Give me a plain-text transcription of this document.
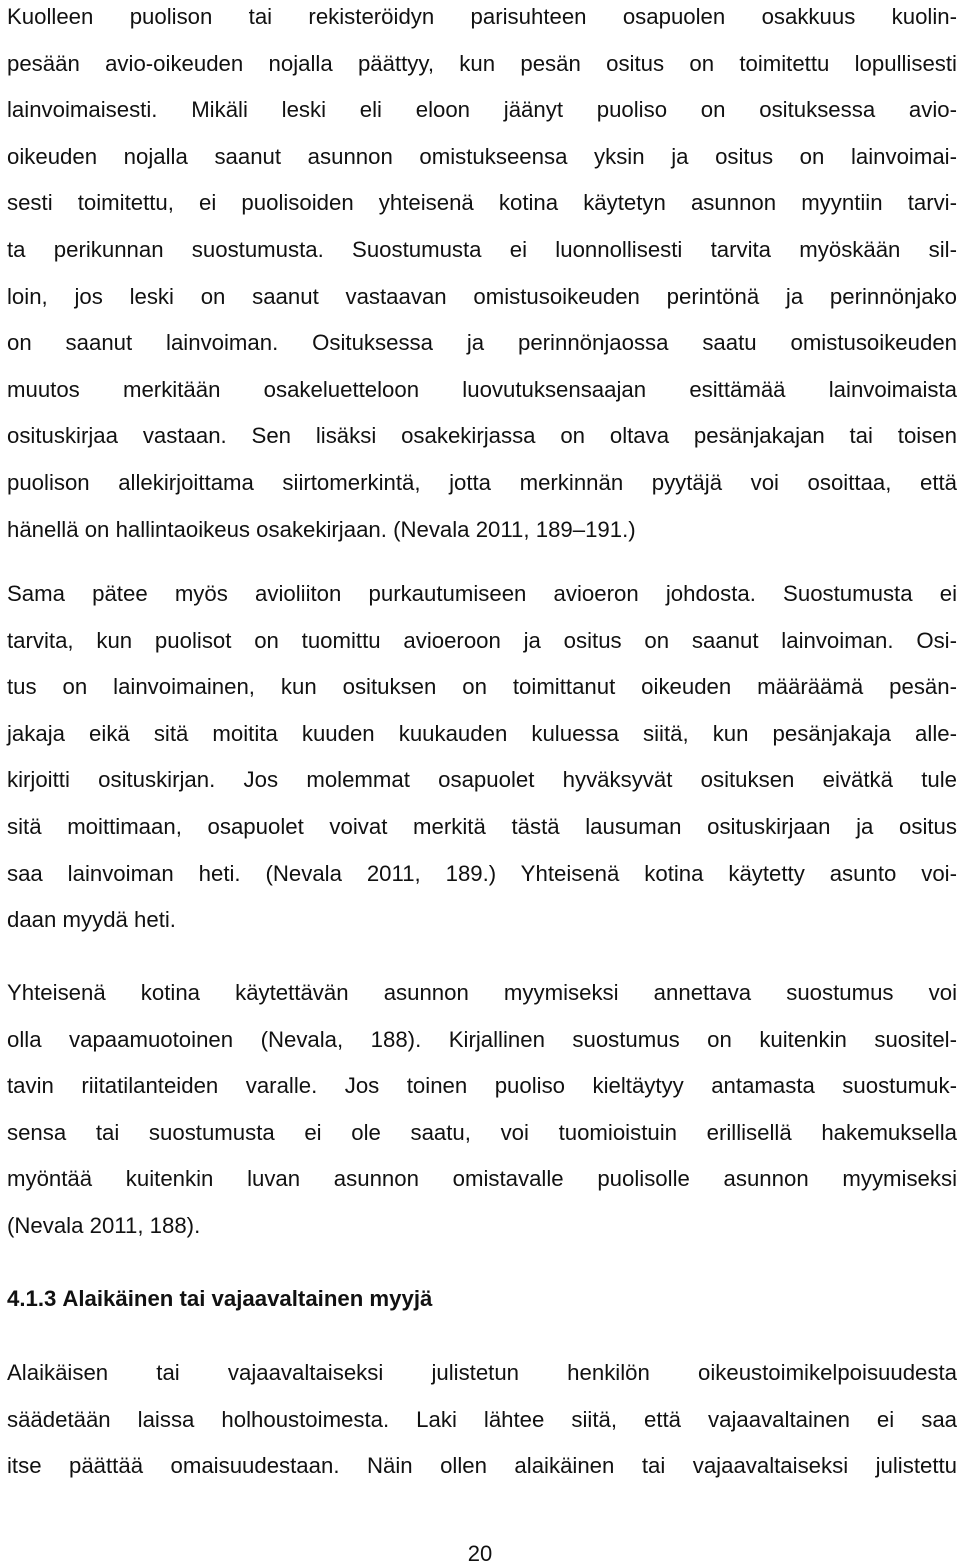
Kuolleen puolison tai rekisteröidyn parisuhteen osapuolen osakkuus kuolin-
pesään avio-oikeuden nojalla päättyy, kun pesän ositus on toimitettu lopullisesti
lainvoimaisesti. Mikäli leski eli eloon jäänyt puoliso on osituksessa avio-
oikeuden nojalla saanut asunnon omistukseensa yksin ja ositus on lainvoimai-
sesti toimitettu, ei puolisoiden yhteisenä kotina käytetyn asunnon myyntiin tarvi-
ta perikunnan suostumusta. Suostumusta ei luonnollisesti tarvita myöskään sil-
loin, jos leski on saanut vastaavan omistusoikeuden perintönä ja perinnönjako
on saanut lainvoiman. Osituksessa ja perinnönjaossa saatu omistusoikeuden
muutos merkitään osakeluetteloon luovutuksensaajan esittämää lainvoimaista
osituskirjaa vastaan. Sen lisäksi osakekirjassa on oltava pesänjakajan tai toisen
puolison allekirjoittama siirtomerkintä, jotta merkinnän pyytäjä voi osoittaa, että
hänellä on hallintaoikeus osakekirjaan. (Nevala 2011, 189–191.)
Sama pätee myös avioliiton purkautumiseen avioeron johdosta. Suostumusta ei
tarvita, kun puolisot on tuomittu avioeroon ja ositus on saanut lainvoiman. Osi-
tus on lainvoimainen, kun osituksen on toimittanut oikeuden määräämä pesän-
jakaja eikä sitä moitita kuuden kuukauden kuluessa siitä, kun pesänjakaja alle-
kirjoitti osituskirjan. Jos molemmat osapuolet hyväksyvät osituksen eivätkä tule
sitä moittimaan, osapuolet voivat merkitä tästä lausuman osituskirjaan ja ositus
saa lainvoiman heti. (Nevala 2011, 189.) Yhteisenä kotina käytetty asunto voi-
daan myydä heti.
Yhteisenä kotina käytettävän asunnon myymiseksi annettava suostumus voi
olla vapaamuotoinen (Nevala, 188). Kirjallinen suostumus on kuitenkin suositel-
tavin riitatilanteiden varalle. Jos toinen puoliso kieltäytyy antamasta suostumuk-
sensa tai suostumusta ei ole saatu, voi tuomioistuin erillisellä hakemuksella
myöntää kuitenkin luvan asunnon omistavalle puolisolle asunnon myymiseksi
(Nevala 2011, 188).
4.1.3 Alaikäinen tai vajaavaltainen myyjä
Alaikäisen tai vajaavaltaiseksi julistetun henkilön oikeustoimikelpoisuudesta
säädetään laissa holhoustoimesta. Laki lähtee siitä, että vajaavaltainen ei saa
itse päättää omaisuudestaan. Näin ollen alaikäinen tai vajaavaltaiseksi julistettu
20
